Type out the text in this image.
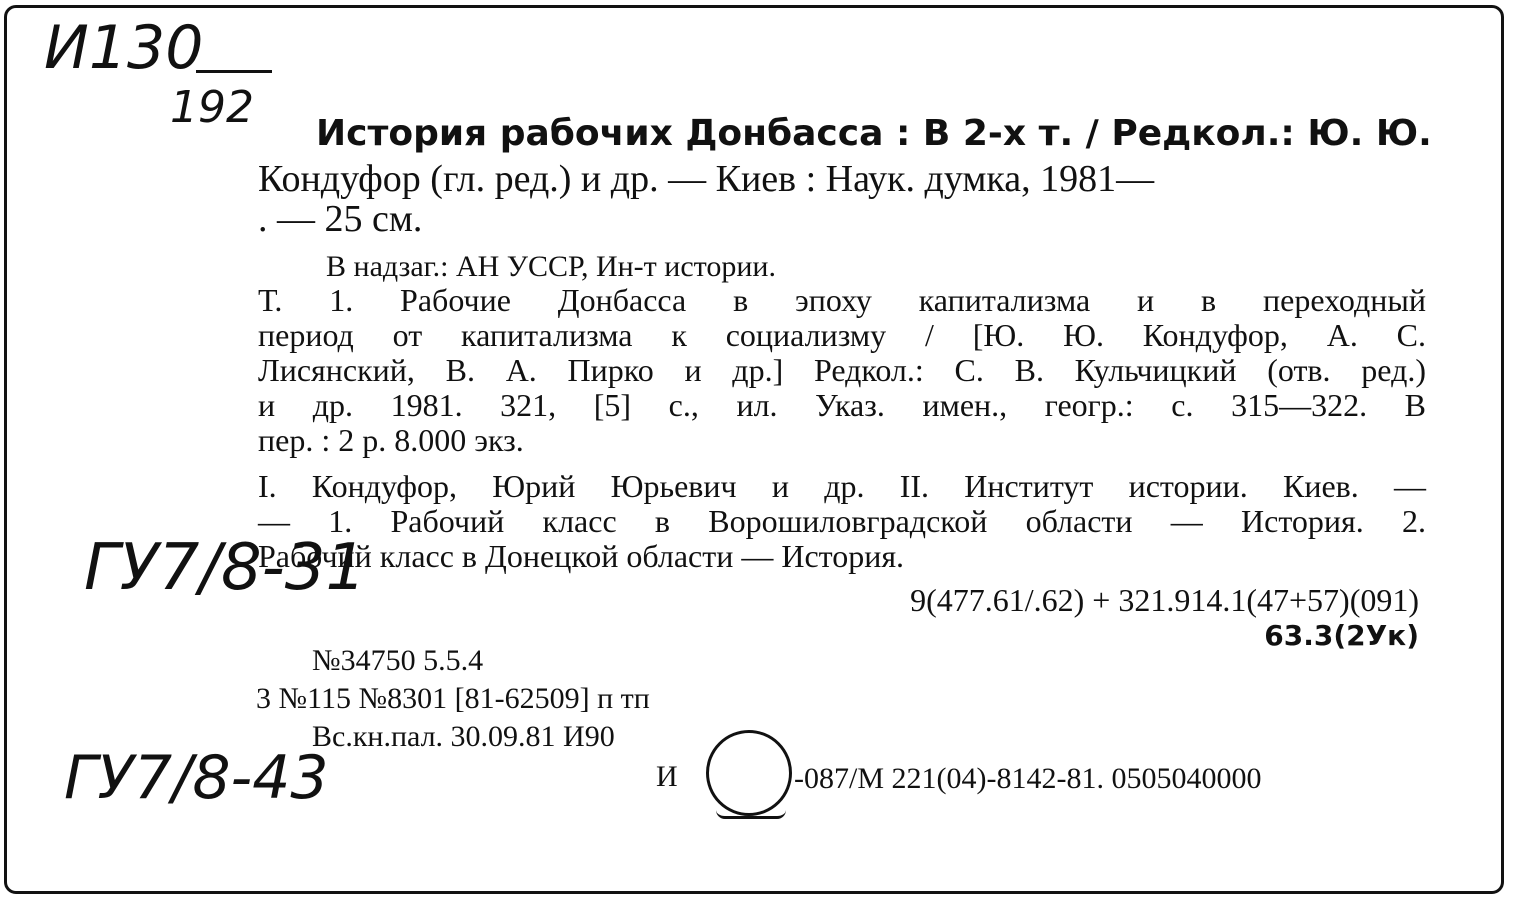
И130
192
ГУ7/8-31
ГУ7/8-43
История рабочих Донбасса : В 2-х т. / Редкол.: Ю. Ю.
Кондуфор (гл. ред.) и др. — Киев : Наук. думка, 1981—
. — 25 см.
В надзаг.: АН УССР, Ин-т истории.
Т. 1. Рабочие Донбасса в эпоху капитализма и в переходный
период от капитализма к социализму / [Ю. Ю. Кондуфор, А. С.
Лисянский, В. А. Пирко и др.] Редкол.: С. В. Кульчицкий (отв. ред.)
и др. 1981. 321, [5] с., ил. Указ. имен., геогр.: с. 315—322. В
пер. : 2 р. 8.000 экз.
I. Кондуфор, Юрий Юрьевич и др. II. Институт истории. Киев. —
— 1. Рабочий класс в Ворошиловградской области — История. 2.
Рабочий класс в Донецкой области — История.
9(477.61/.62) + 321.914.1(47+57)(091)
63.3(2Ук)
№34750 5.5.4
3 №115 №8301 [81-62509] п тп
Вс.кн.пал. 30.09.81 И90
И	-087/М 221(04)-8142-81. 0505040000
